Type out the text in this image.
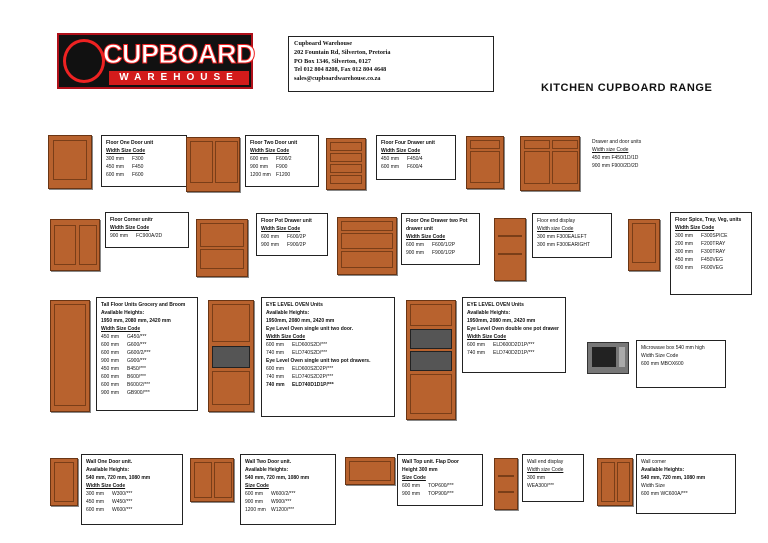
CUPBOARD
WAREHOUSE
Cupboard Warehouse
202 Fountain Rd, Silverton, Pretoria
PO Box 1346, Silverton, 0127
Tel 012 804 8208, Fax 012 804 4648
sales@cupboardwarehouse.co.za
KITCHEN CUPBOARD RANGE
Floor One Door unit
Width Size Code
300 mm F300
450 mm F450
600 mm F600
Floor Two Door unit
Width Size Code
600 mm F600/2
900 mm F900
1200 mm F1200
Floor Four Drawer unit
Width Size Code
450 mm F450/4
600 mm F600/4
Drawer and door units
Width size Code
450 mm F450/1D/1D
900 mm F900/2D/2D
Floor Corner unitr
Width Size Code
900 mm FC900A/2D
Floor Pot Drawer unit
Width Size Code
600 mm F600/2P
900 mm F900/2P
Floor One Drawer two Pot drawer unit
Width Size Code
600 mm F600/1/2P
900 mm F900/1/2P
Floor end display
Width size Code
300 mm F300EALEFT
300 mm F300EARIGHT
Floor Spice, Tray, Veg, units
Width Size Code
300 mm F300SPICE
200 mm F200TRAY
300 mm F300TRAY
450 mm F450VEG
600 mm F600VEG
Tall Floor Units Grocery and Broom
Available Heights:
1950 mm, 2080 mm, 2420 mm
Width Size Code
450 mm G450/***
600 mm G600/***
600 mm G600/2/***
900 mm G900/***
450 mm B450/***
600 mm B600/***
600 mm B600/2/***
900 mm GB900/***
EYE LEVEL OVEN Units
Available Heights:
1950mm, 2080 mm, 2420 mm
Eye Level Oven single unit two door.
Width Size Code
600 mm ELD600S2D/***
740 mm ELD740S2D/***
Eye Level Oven single unit two pot drawers.
600 mm ELD600S2D2P/***
740 mm ELD740S2D2P/***
740 mm ELD740D1D1P/***
EYE LEVEL OVEN Units
Available Heights:
1950mm, 2080 mm, 2420 mm
Eye Level Oven double one pot drawer
Width Size Code
600 mm ELD600D2D1P/***
740 mm ELD740D2D1P/***
Microwave box 540 mm high
Width Size Code
600 mm MBOX600
Wall One Door unit.
Available Heights:
540 mm, 720 mm, 1080 mm
Width Size Code
300 mm W300/***
450 mm W450/***
600 mm W600/***
Wall Two Door unit.
Available Heights:
540 mm, 720 mm, 1080 mm
Size Code
600 mm W600/2/***
900 mm W900/***
1200 mm W1200/***
Wall Top unit. Flap Door
Height 300 mm
Size Code
600 mm TOP600/***
900 mm TOP900/***
Wall end display
Width size Code
300 mm
WEA300/***
Wall corner
Available Heights:
540 mm, 720 mm, 1080 mm
Width Size
600 mm WC600A/***
